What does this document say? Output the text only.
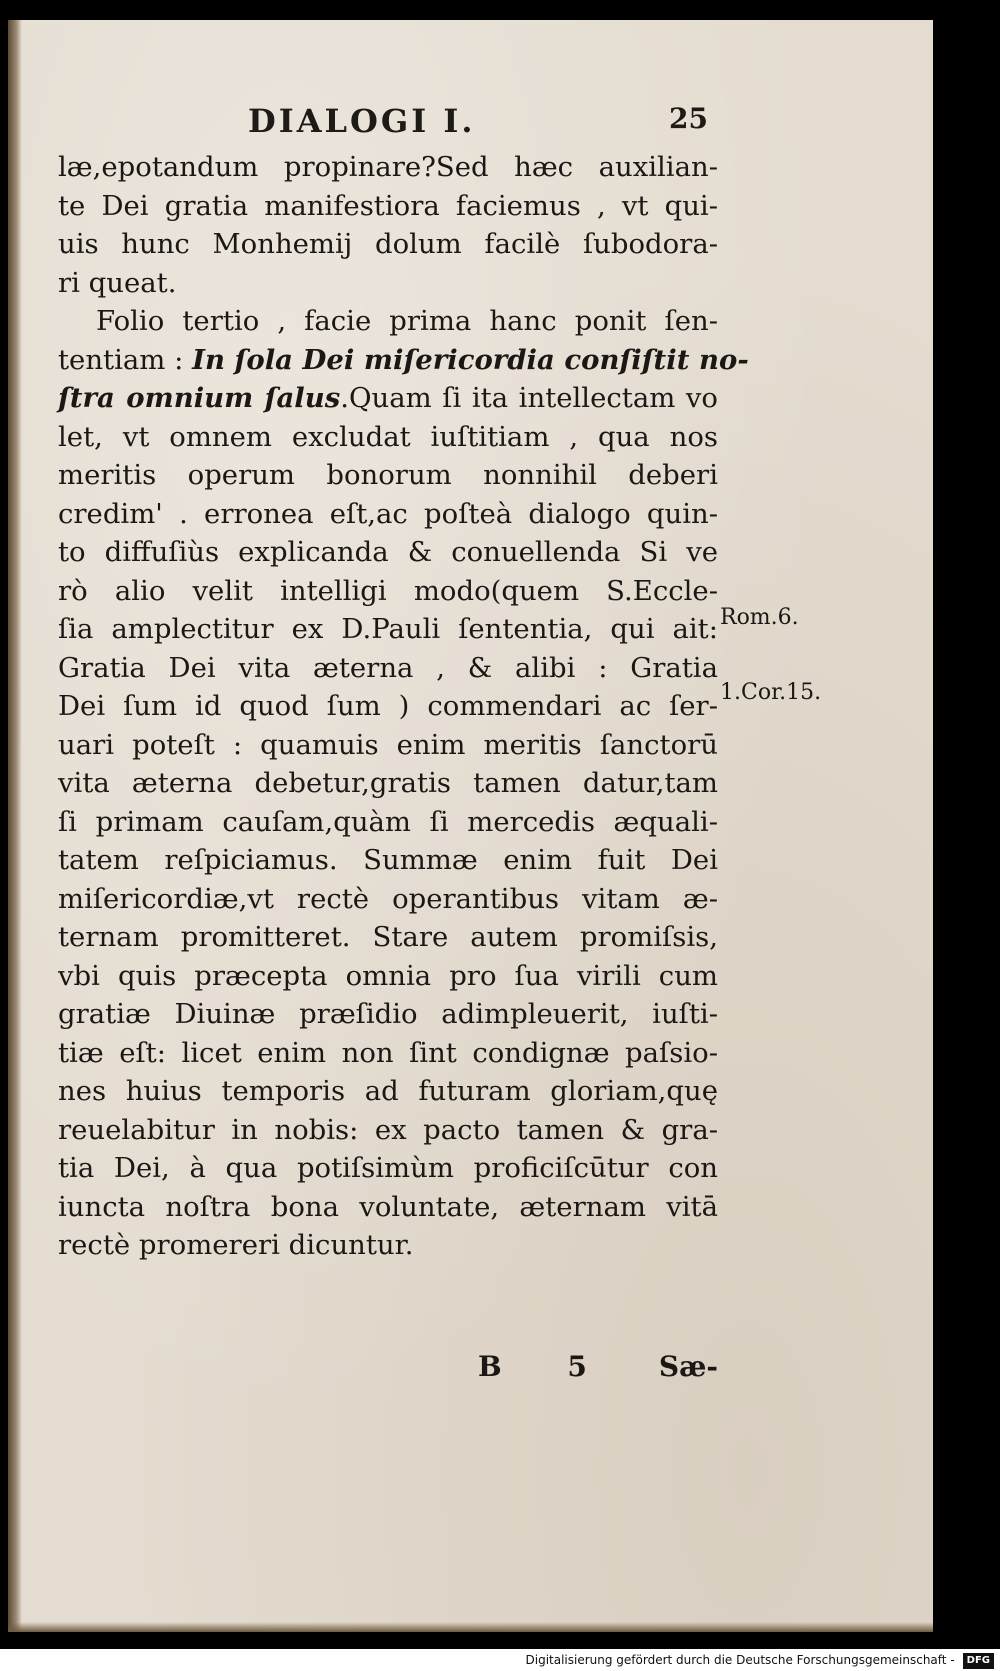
DIALOGI I.	25
læ,epotandum propinare?Sed hæc auxilian-
te Dei gratia manifestiora faciemus , vt qui-
uis hunc Monhemij dolum facilè ſubodora-
ri queat.
Folio tertio , facie prima hanc ponit ſen-
tentiam : In ſola Dei miſericordia conſiſtit no-
ſtra omnium ſalus.Quam ſi ita intellectam vo
let, vt omnem excludat iuſtitiam , qua nos
meritis operum bonorum nonnihil deberi
credim' . erronea eſt,ac poſteà dialogo quin-
to diffuſiùs explicanda & conuellenda Si ve
rò alio velit intelligi modo(quem S.Eccle-
ſia amplectitur ex D.Pauli ſententia, qui ait:
Gratia Dei vita æterna , & alibi : Gratia
Dei ſum id quod ſum ) commendari ac ſer-
uari poteſt : quamuis enim meritis ſanctorū
vita æterna debetur,gratis tamen datur,tam
ſi primam cauſam,quàm ſi mercedis æquali-
tatem reſpiciamus. Summæ enim fuit Dei
miſericordiæ,vt rectè operantibus vitam æ-
ternam promitteret. Stare autem promiſsis,
vbi quis præcepta omnia pro ſua virili cum
gratiæ Diuinæ præſidio adimpleuerit, iuſti-
tiæ eſt: licet enim non ſint condignæ paſsio-
nes huius temporis ad futuram gloriam,quę
reuelabitur in nobis: ex pacto tamen & gra-
tia Dei, à qua potiſsimùm proficiſcūtur con
iuncta noſtra bona voluntate, æternam vitā
rectè promereri dicuntur.
Rom.6.
1.Cor.15.
B 5 Sæ-
Digitalisierung gefördert durch die Deutsche Forschungsgemeinschaft - DFG
